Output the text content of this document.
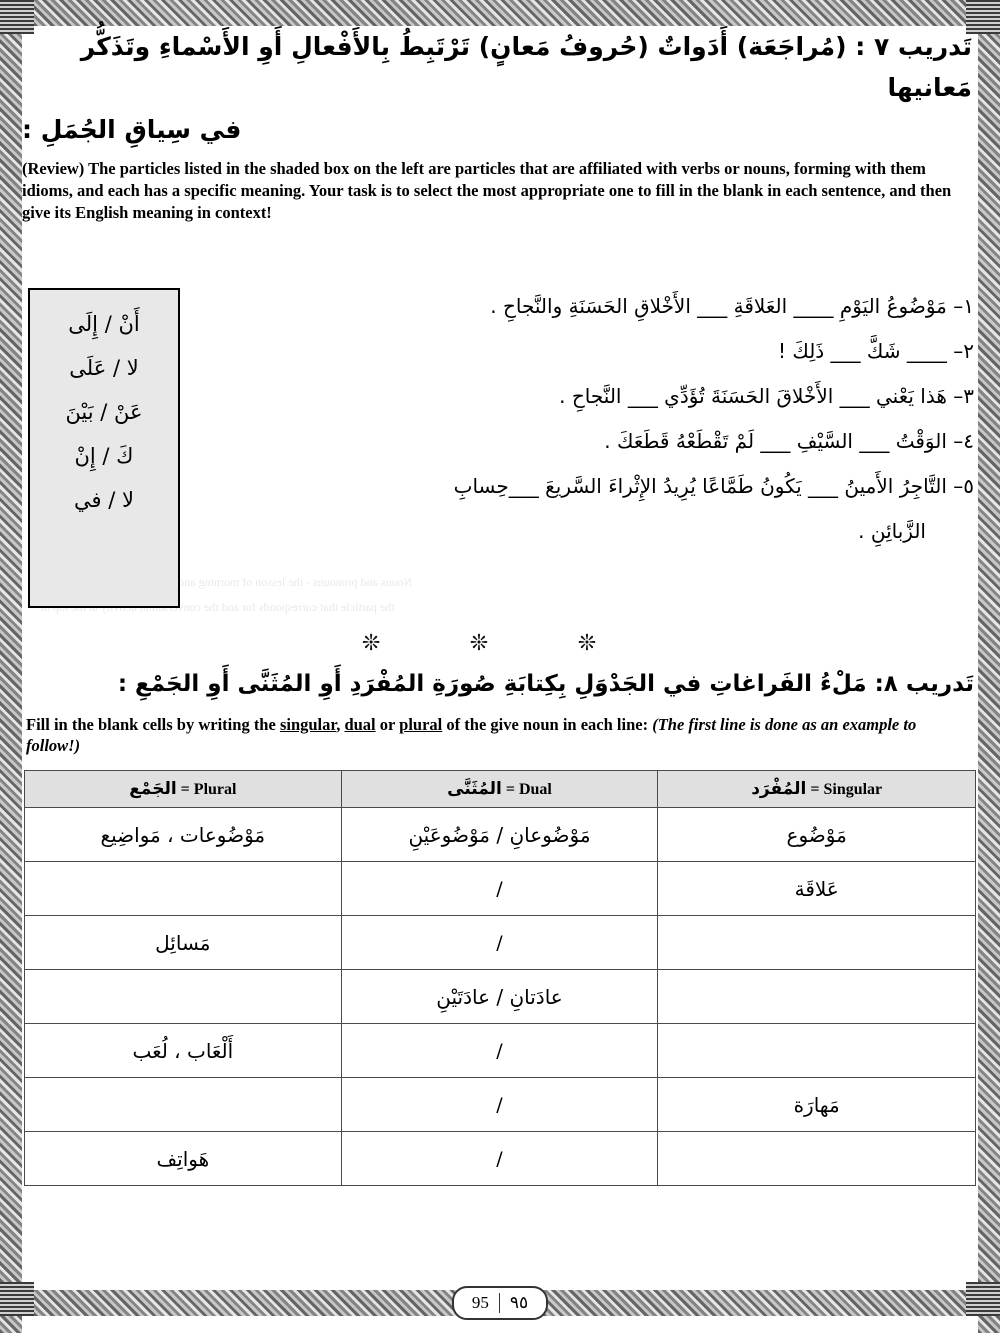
Nouns and pronouns - the lesson of morning and Arabic word also from there
the particle that corresponds for and the conversation activity at the top of
تَدريب ٧ : (مُراجَعَة) أَدَواتٌ (حُروفُ مَعانٍ) تَرْتَبِطُ بِالأَفْعالِ أَوِ الأَسْماءِ وتَذَكُّر مَعانيها
في سِياقِ الجُمَلِ :
(Review) The particles listed in the shaded box on the left are particles that are affiliated with verbs or nouns, forming with them idioms, and each has a specific meaning. Your task is to select the most appropriate one to fill in the blank in each sentence, and then give its English meaning in context!
أَنْ / إِلَى
لا / عَلَى
عَنْ / بَيْنَ
كَ / إِنْ
لا / في
١– مَوْضُوعُ اليَوْمِ ____ العَلاقَةِ ___ الأَخْلاقِ الحَسَنَةِ والنَّجاحِ .
٢– ____ شَكَّ ___ ذَلِكَ !
٣– هَذا يَعْني ___ الأَخْلاقَ الحَسَنَةَ تُؤَدِّي ___ النَّجاحِ .
٤– الوَقْتُ ___ السَّيْفِ ___ لَمْ تَقْطَعْهُ قَطَعَكَ .
٥– التَّاجِرُ الأَمينُ ___ يَكُونُ طَمَّاعًا يُرِيدُ الإِثْراءَ السَّريعَ ___حِسابِ
الزَّبائِنِ .
❊ ❊ ❊
تَدريب ٨: مَلْءُ الفَراغاتِ في الجَدْوَلِ بِكِتابَةِ صُورَةِ المُفْرَدِ أَوِ المُثَنَّى أَوِ الجَمْعِ :
Fill in the blank cells by writing the singular, dual or plural of the give noun in each line: (The first line is done as an example to follow!)
Plural = الجَمْع	Dual = المُثَنَّى	Singular = المُفْرَد
مَوْضُوعات ، مَواضِيع	مَوْضُوعانِ / مَوْضُوعَيْنِ	مَوْضُوع
	/	عَلاقَة
مَسائِل	/	
	عادَتانِ / عادَتَيْنِ	
أَلْعَاب ، لُعَب	/	
	/	مَهارَة
هَواتِف	/	
95 ٩٥
